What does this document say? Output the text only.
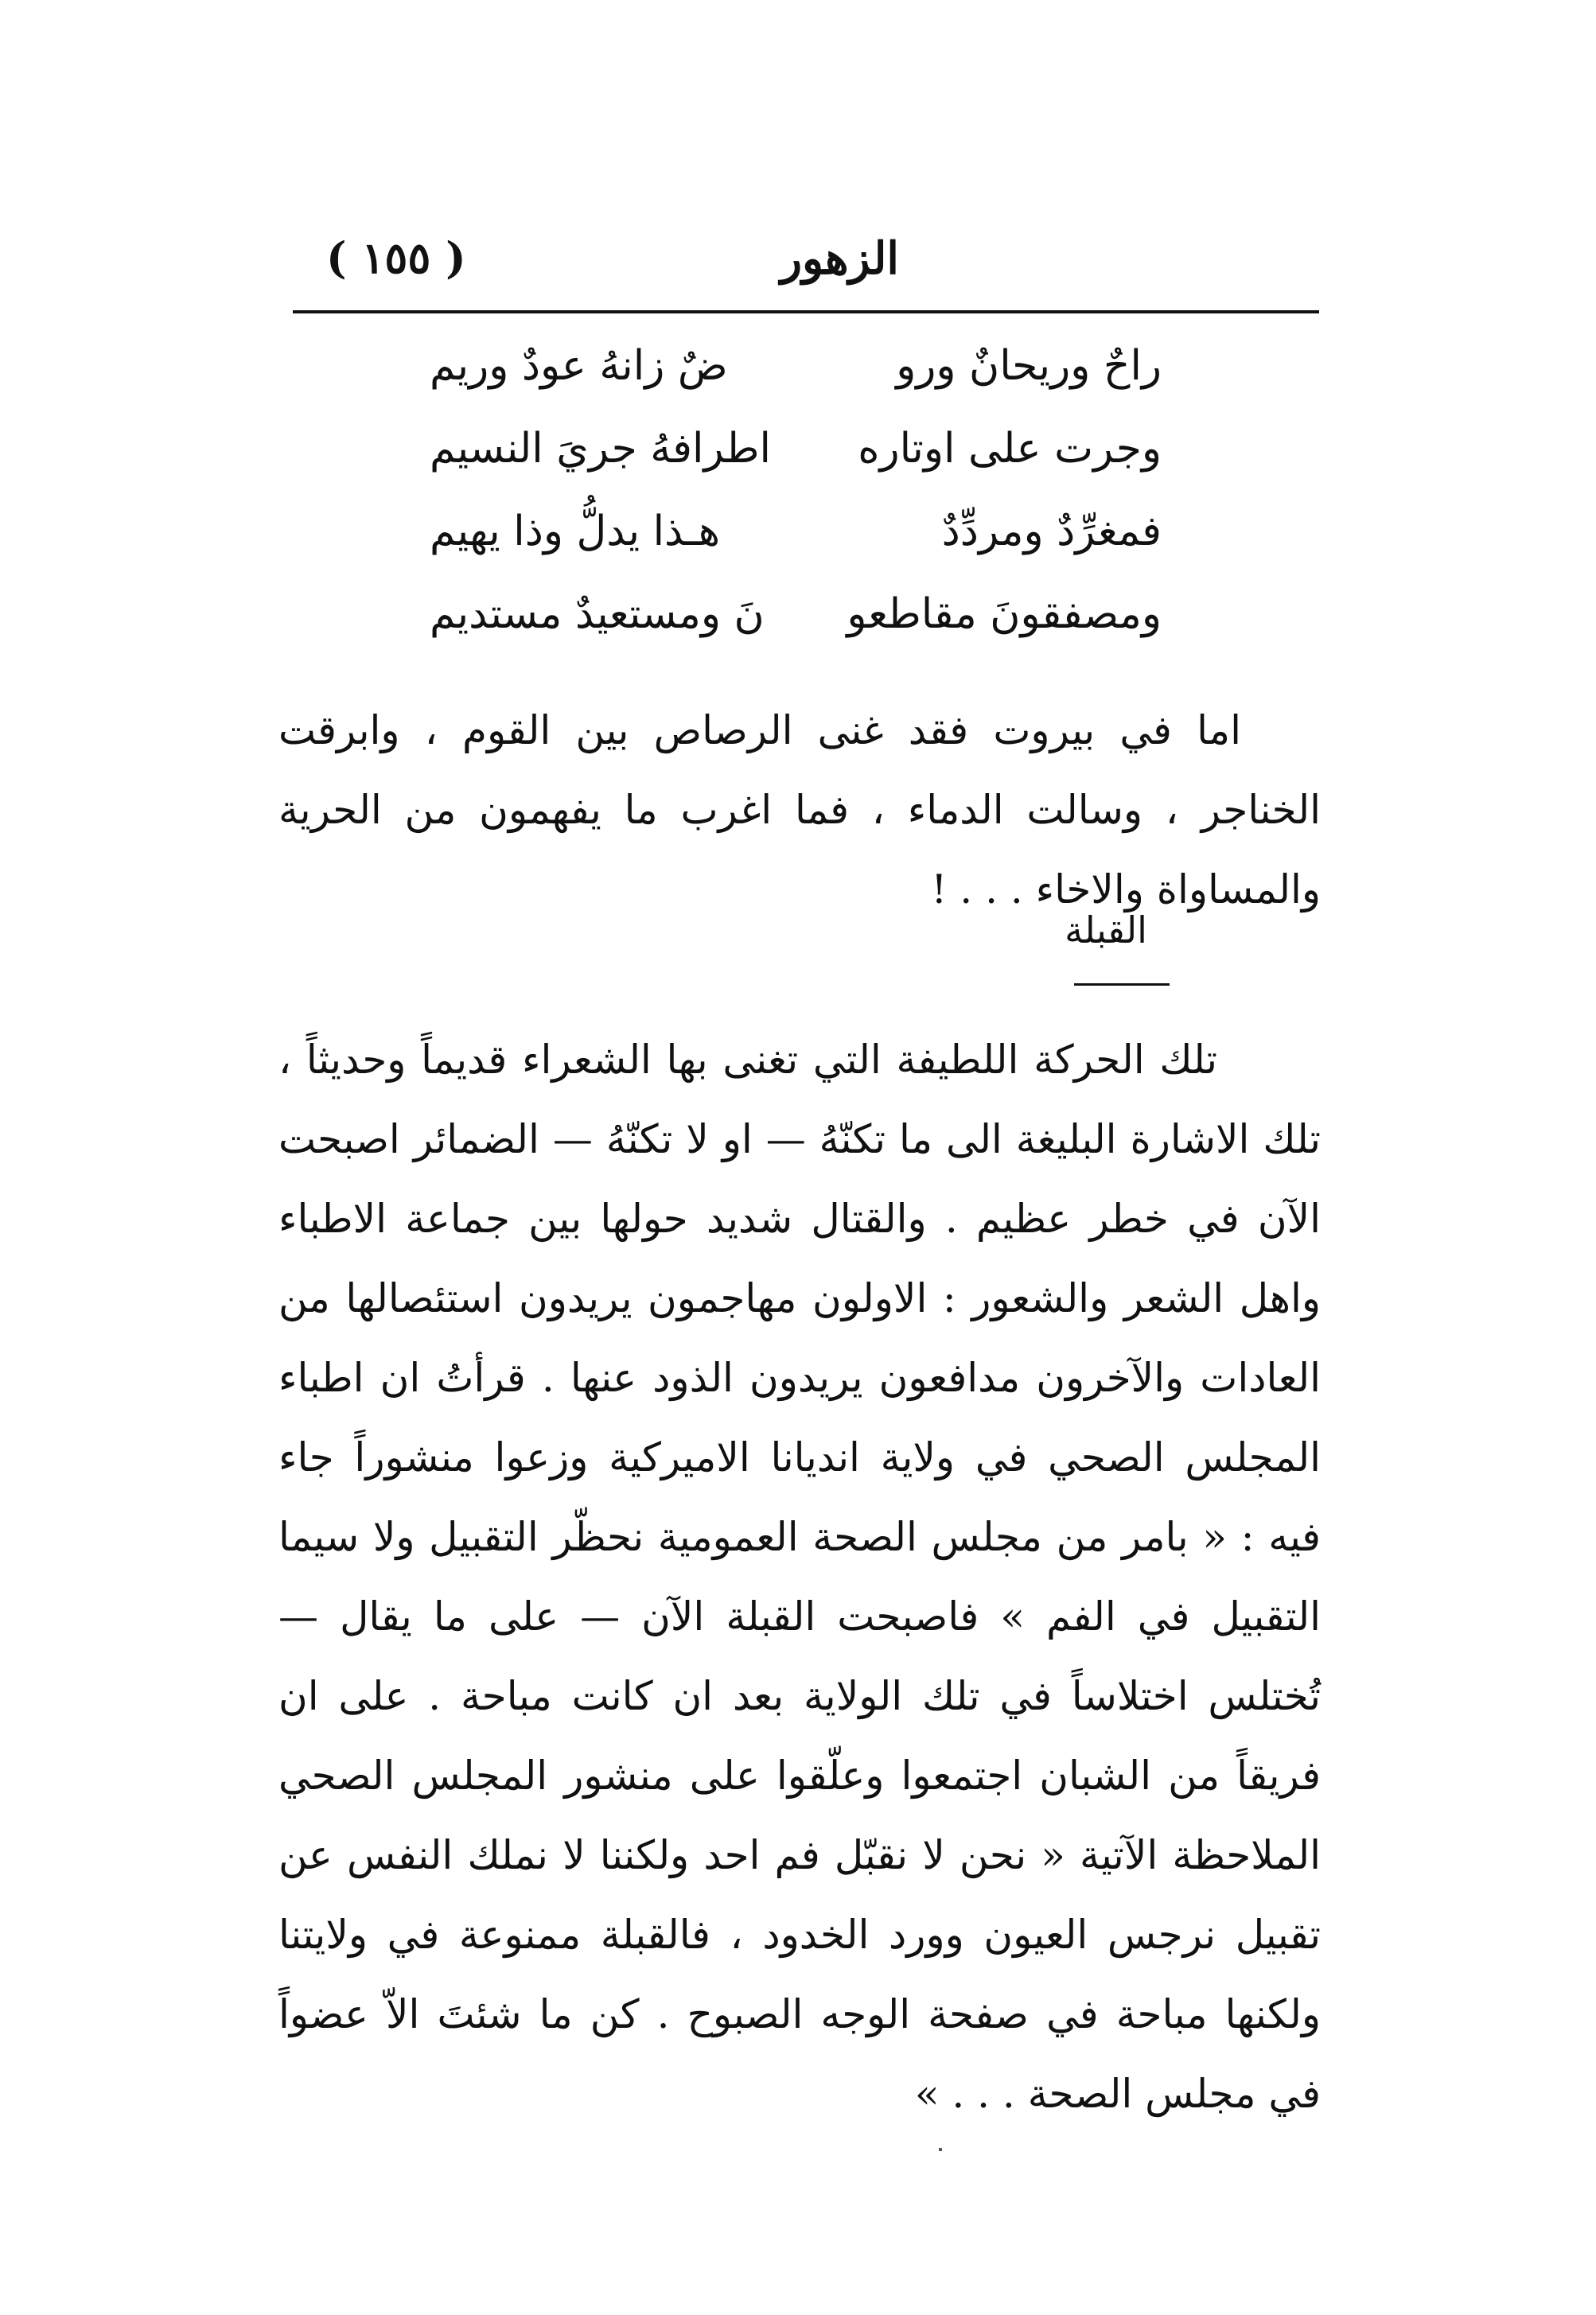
الزهور
( ١٥٥ )
راحٌ وريحانٌ ورو
ضٌ زانهُ عودٌ وريم
وجرت على اوتاره
اطرافهُ جريَ النسيم
فمغرِّدٌ ومردِّدٌ
هـذا يدلُّ وذا يهيم
ومصفقونَ مقاطعو
نَ ومستعيدٌ مستديم

اما في بيروت فقد غنى الرصاص بين القوم ، وابرقت الخناجر ، وسالت الدماء ، فما اغرب ما يفهمون من الحرية والمساواة والاخاء . . . !

القبلة

تلك الحركة اللطيفة التي تغنى بها الشعراء قديماً وحديثاً ، تلك الاشارة البليغة الى ما تكنّهُ — او لا تكنّهُ — الضمائر اصبحت الآن في خطر عظيم . والقتال شديد حولها بين جماعة الاطباء واهل الشعر والشعور : الاولون مهاجمون يريدون استئصالها من العادات والآخرون مدافعون يريدون الذود عنها . قرأتُ ان اطباء المجلس الصحي في ولاية اندیانا الاميركية وزعوا منشوراً جاء فيه : « بامر من مجلس الصحة العمومية نحظّر التقبيل ولا سيما التقبيل في الفم » فاصبحت القبلة الآن — على ما يقال — تُختلس اختلاساً في تلك الولاية بعد ان كانت مباحة . على ان فريقاً من الشبان اجتمعوا وعلّقوا على منشور المجلس الصحي الملاحظة الآتية « نحن لا نقبّل فم احد ولكننا لا نملك النفس عن تقبيل نرجس العيون وورد الخدود ، فالقبلة ممنوعة في ولايتنا ولكنها مباحة في صفحة الوجه الصبوح . كن ما شئتَ الاّ عضواً في مجلس الصحة . . . »
